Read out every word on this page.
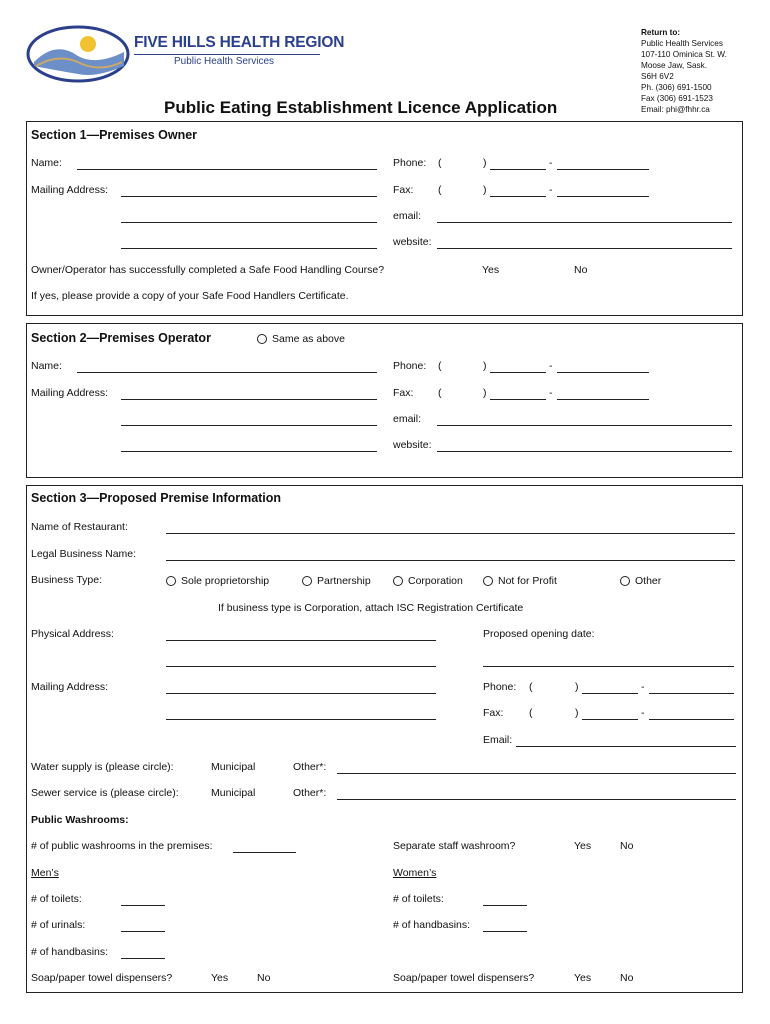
FIVE HILLS HEALTH REGION
Public Health Services
Public Eating Establishment Licence Application
Return to:
Public Health Services
107-110 Ominica St. W.
Moose Jaw, Sask.
S6H 6V2
Ph. (306) 691-1500
Fax (306) 691-1523
Email: phi@fhhr.ca
Section 1—Premises Owner
Name:	Phone: (	)	-
Mailing Address:	Fax: (	)	-
email:
website:
Owner/Operator has successfully completed a Safe Food Handling Course?	Yes	No
If yes, please provide a copy of your Safe Food Handlers Certificate.
Section 2—Premises Operator	Same as above
Name:	Phone: (	)	-
Mailing Address:	Fax: (	)	-
email:
website:
Section 3—Proposed Premise Information
Name of Restaurant:
Legal Business Name:
Business Type:	Sole proprietorship	Partnership	Corporation	Not for Profit	Other
If business type is Corporation, attach ISC Registration Certificate
Physical Address:	Proposed opening date:
Mailing Address:	Phone: (	)	-
Fax: (	)	-
Email:
Water supply is (please circle):	Municipal	Other*:
Sewer service is (please circle):	Municipal	Other*:
Public Washrooms:
# of public washrooms in the premises:	Separate staff washroom?	Yes	No
Men’s	Women’s
# of toilets:	# of toilets:
# of urinals:	# of handbasins:
# of handbasins:
Soap/paper towel dispensers?	Yes	No	Soap/paper towel dispensers?	Yes	No
